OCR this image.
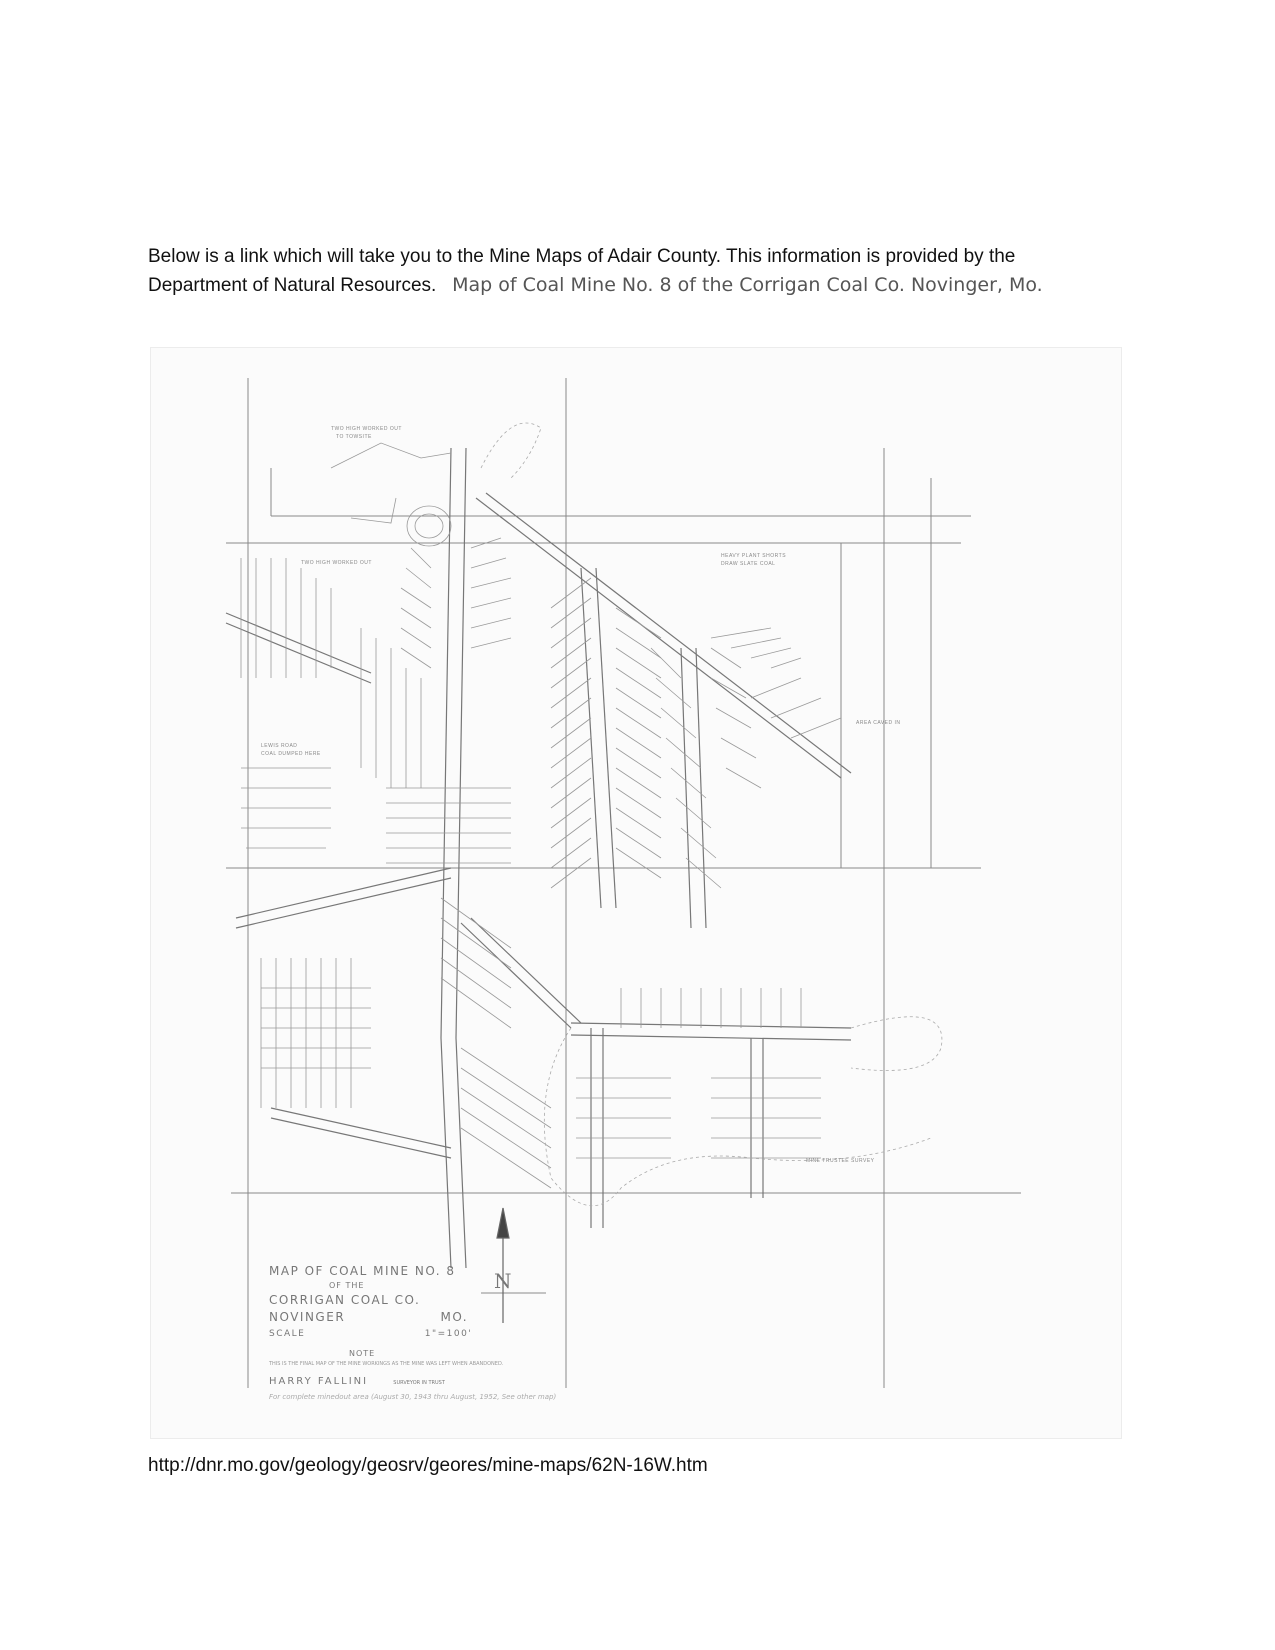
Below is a link which will take you to the Mine Maps of Adair County. This information is provided by the Department of Natural Resources. Map of Coal Mine No. 8 of the Corrigan Coal Co. Novinger, Mo.
N
TWO HIGH WORKED OUT
TO TOWSITE
TWO HIGH WORKED OUT
HEAVY PLANT SHORTS
DRAW SLATE COAL
AREA CAVED IN
LEWIS ROAD
COAL DUMPED HERE
MINE TRUSTEE SURVEY
MAP OF COAL MINE NO. 8
OF THE
CORRIGAN COAL CO.
NOVINGER	MO.
SCALE	1"=100'
NOTE
THIS IS THE FINAL MAP OF THE MINE WORKINGS AS THE MINE WAS LEFT WHEN ABANDONED.
HARRY FALLINI	SURVEYOR IN TRUST
For complete minedout area (August 30, 1943 thru August, 1952, See other map)
http://dnr.mo.gov/geology/geosrv/geores/mine-maps/62N-16W.htm
